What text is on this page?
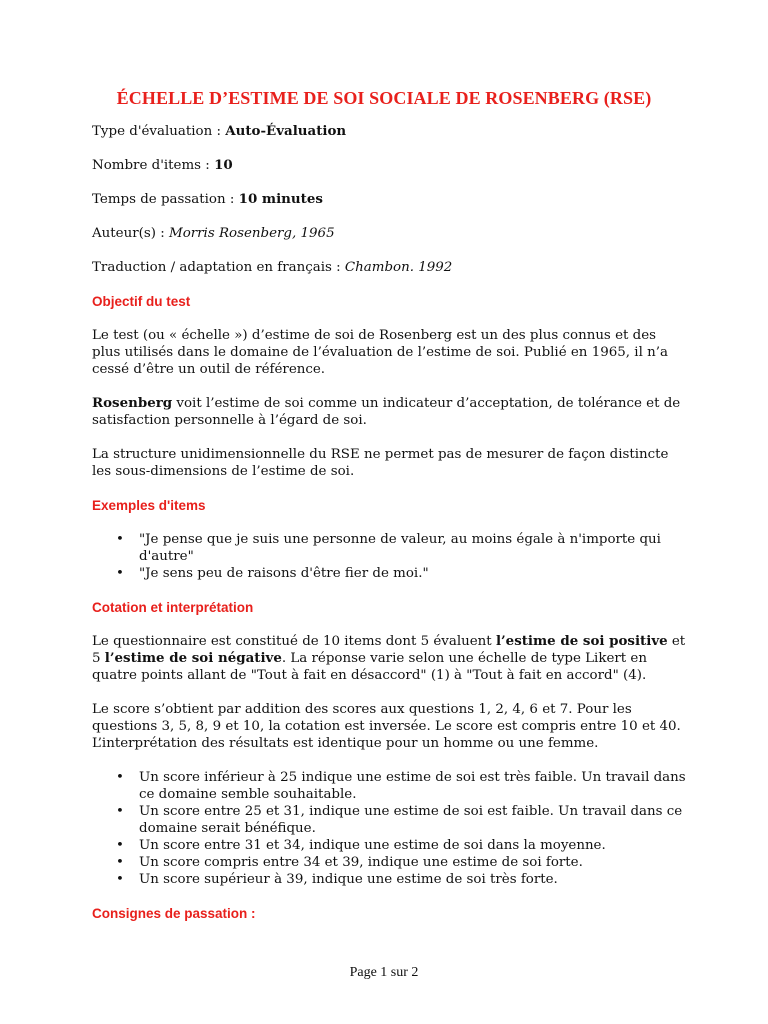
ÉCHELLE D’ESTIME DE SOI SOCIALE DE ROSENBERG (RSE)

Type d'évaluation : Auto-Évaluation

Nombre d'items : 10

Temps de passation : 10 minutes

Auteur(s) : Morris Rosenberg, 1965

Traduction / adaptation en français : Chambon. 1992

Objectif du test

Le test (ou « échelle ») d’estime de soi de Rosenberg est un des plus connus et des plus utilisés dans le domaine de l’évaluation de l’estime de soi. Publié en 1965, il n’a cessé d’être un outil de référence.

Rosenberg voit l’estime de soi comme un indicateur d’acceptation, de tolérance et de satisfaction personnelle à l’égard de soi.

La structure unidimensionnelle du RSE ne permet pas de mesurer de façon distincte les sous-dimensions de l’estime de soi.

Exemples d'items

• "Je pense que je suis une personne de valeur, au moins égale à n'importe qui d'autre"
• "Je sens peu de raisons d'être fier de moi."

Cotation et interprétation

Le questionnaire est constitué de 10 items dont 5 évaluent l’estime de soi positive et 5 l’estime de soi négative. La réponse varie selon une échelle de type Likert en quatre points allant de "Tout à fait en désaccord" (1) à "Tout à fait en accord" (4).

Le score s’obtient par addition des scores aux questions 1, 2, 4, 6 et 7. Pour les questions 3, 5, 8, 9 et 10, la cotation est inversée. Le score est compris entre 10 et 40. L’interprétation des résultats est identique pour un homme ou une femme.

• Un score inférieur à 25 indique une estime de soi est très faible. Un travail dans ce domaine semble souhaitable.
• Un score entre 25 et 31, indique une estime de soi est faible. Un travail dans ce domaine serait bénéfique.
• Un score entre 31 et 34, indique une estime de soi dans la moyenne.
• Un score compris entre 34 et 39, indique une estime de soi forte.
• Un score supérieur à 39, indique une estime de soi très forte.

Consignes de passation :

Page 1 sur 2
